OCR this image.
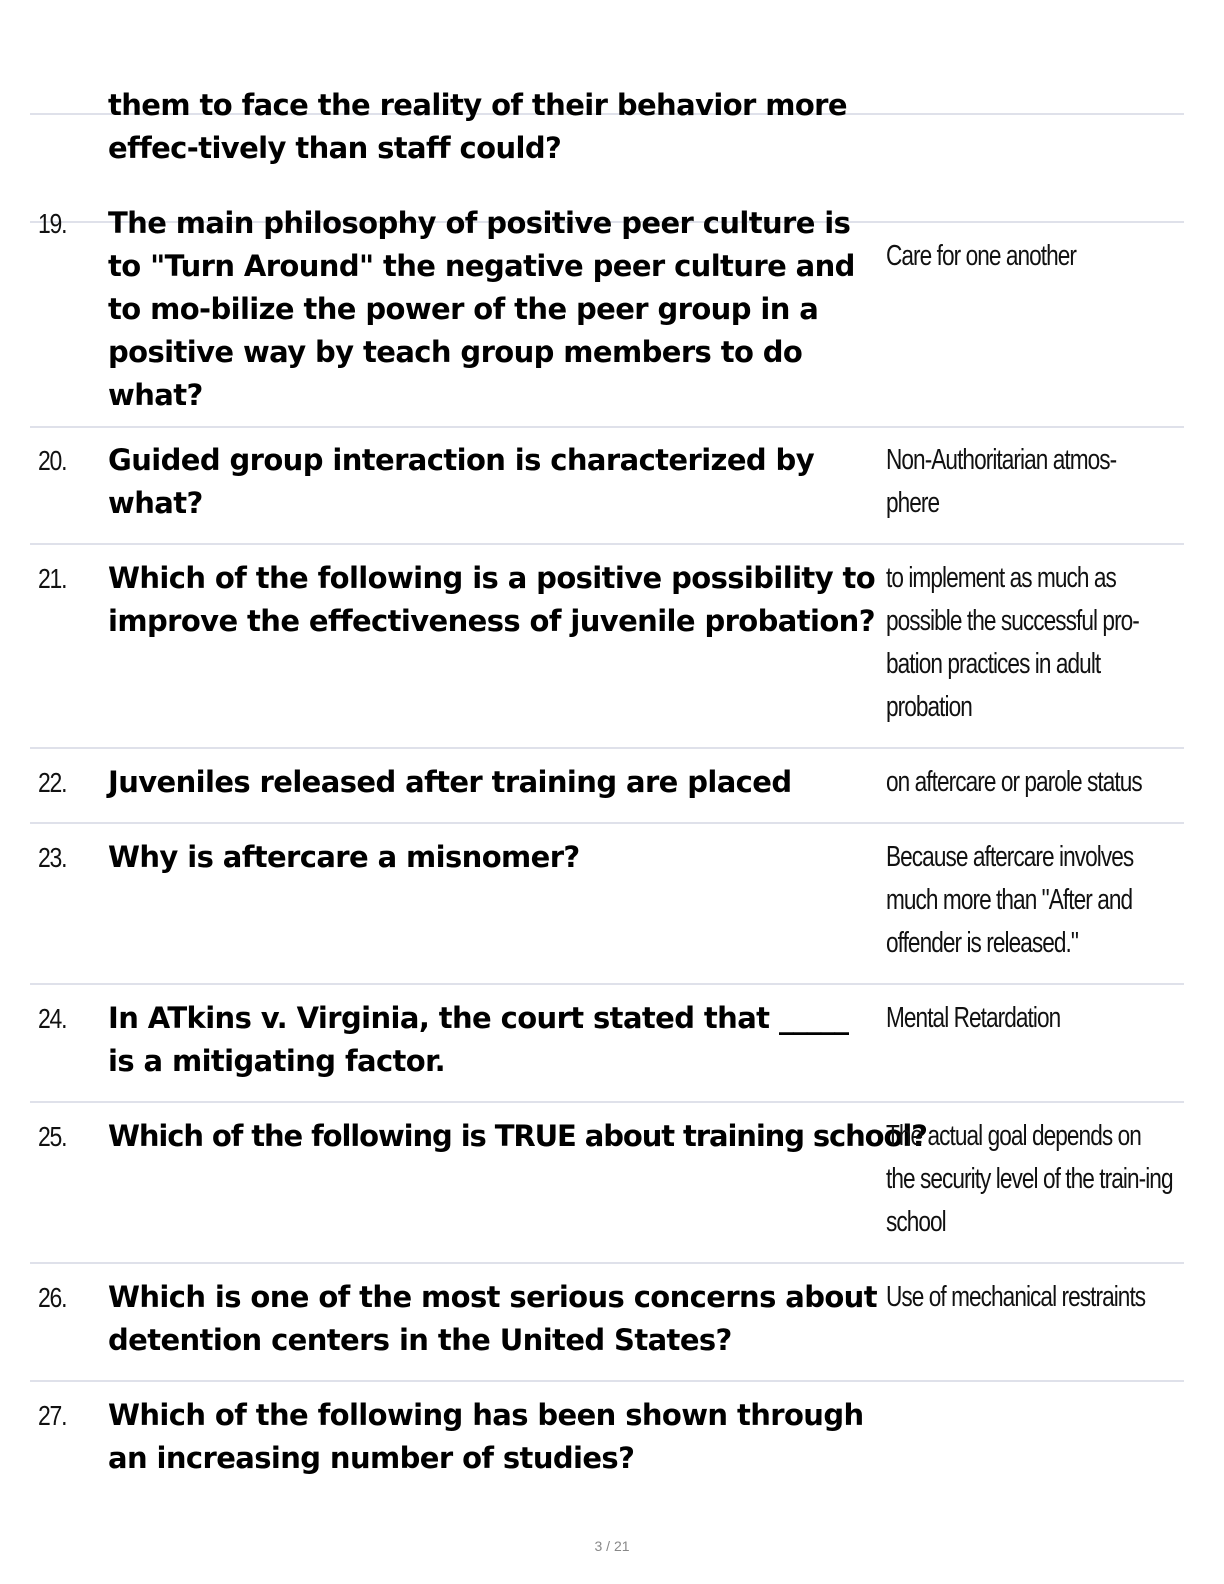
them to face the reality of their behavior more effec-tively than staff could?
19. The main philosophy of positive peer culture is to "Turn Around" the negative peer culture and to mo-bilize the power of the peer group in a positive way by teach group members to do what?
Care for one another
20. Guided group interaction is characterized by what?
Non-Authoritarian atmos-phere
21. Which of the following is a positive possibility to improve the effectiveness of juvenile probation?
to implement as much as possible the successful pro-bation practices in adult probation
22. Juveniles released after training are placed	on aftercare or parole status
23. Why is aftercare a misnomer?	Because aftercare involves much more than "After and offender is released."
24. In ATkins v. Virginia, the court stated that _____ is a mitigating factor.
Mental Retardation
25. Which of the following is TRUE about training school?
The actual goal depends on the security level of the train-ing school
26. Which is one of the most serious concerns about detention centers in the United States?
Use of mechanical restraints
27. Which of the following has been shown through an increasing number of studies?
3 / 21
